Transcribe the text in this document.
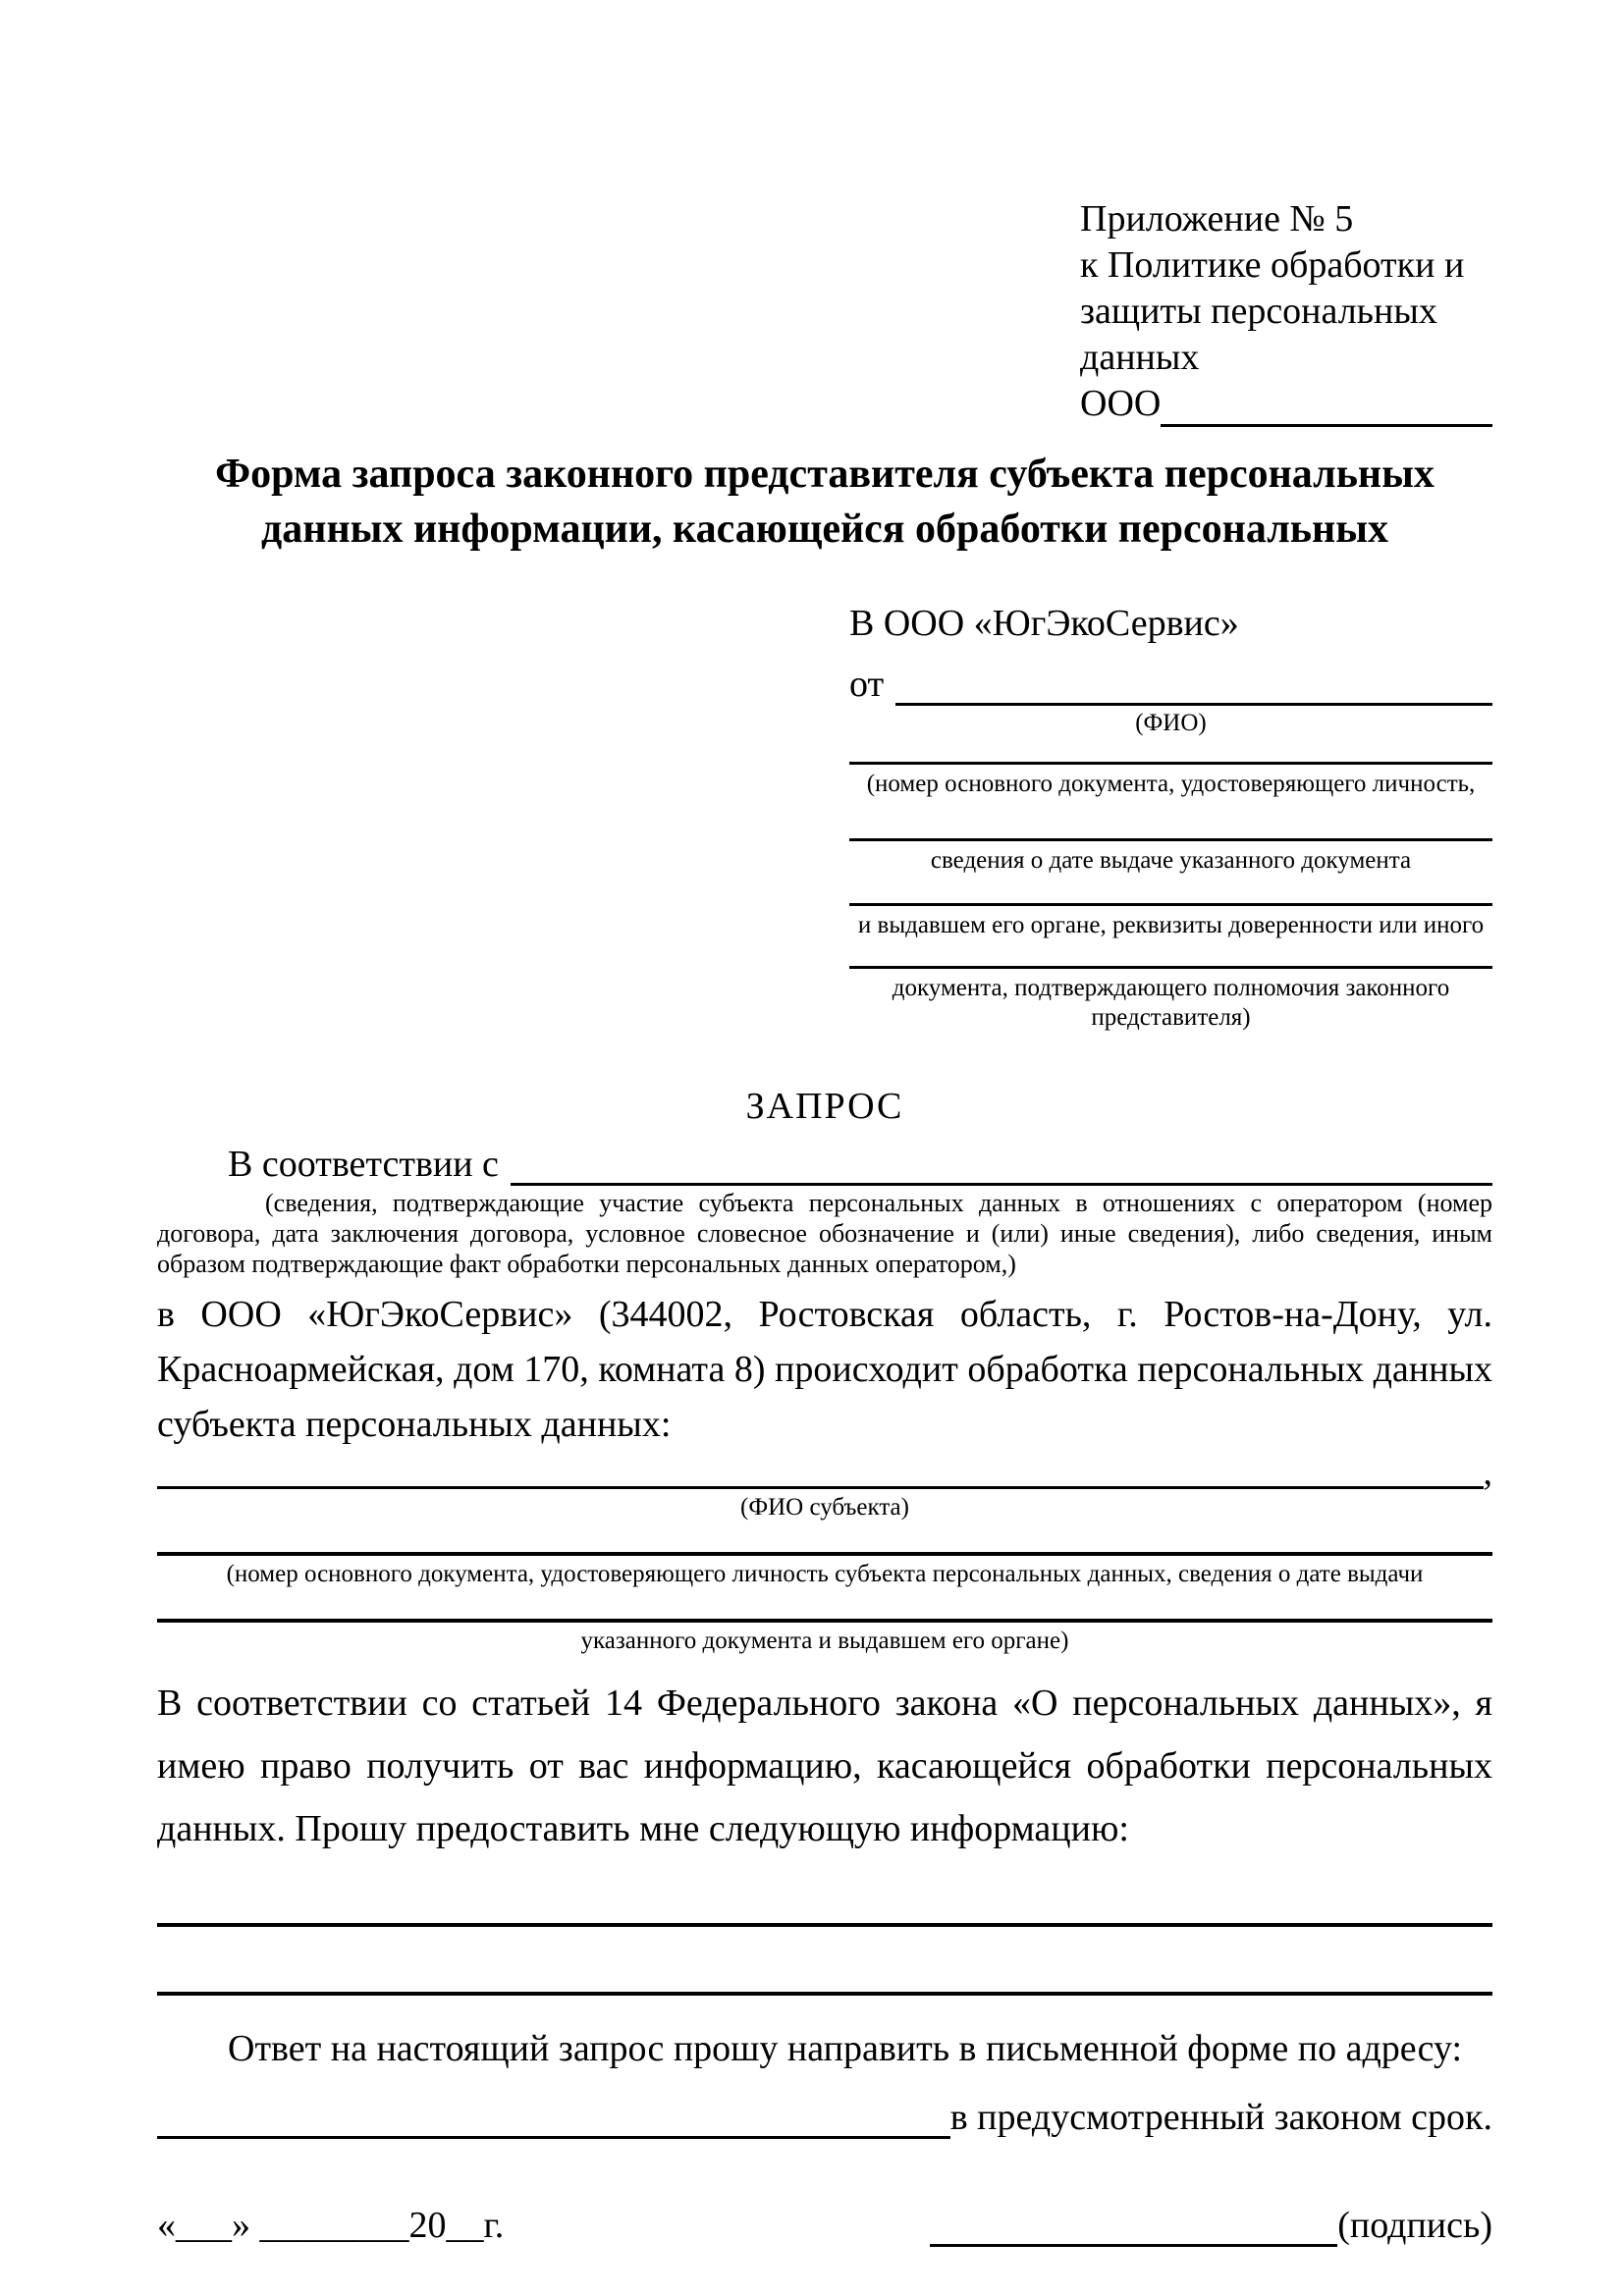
Приложение № 5
к Политике обработки и
защиты персональных данных
ООО
Форма запроса законного представителя субъекта персональных
данных информации, касающейся обработки персональных
В ООО «ЮгЭкоСервис»
от
(ФИО)
(номер основного документа, удостоверяющего личность,
сведения о дате выдаче указанного документа
и выдавшем его органе, реквизиты доверенности или иного
документа, подтверждающего полномочия законного представителя)
ЗАПРОС
В соответствии с

(сведения, подтверждающие участие субъекта персональных данных в отношениях с оператором (номер договора, дата заключения договора, условное словесное обозначение и (или) иные сведения), либо сведения, иным образом подтверждающие факт обработки персональных данных оператором,)

в ООО «ЮгЭкоСервис» (344002, Ростовская область, г. Ростов-на-Дону, ул. Красноармейская, дом 170, комната 8) происходит обработка персональных данных субъекта персональных данных:

,
(ФИО субъекта)
(номер основного документа, удостоверяющего личность субъекта персональных данных, сведения о дате выдачи
указанного документа и выдавшем его органе)

В соответствии со статьей 14 Федерального закона «О персональных данных», я имею право получить от вас информацию, касающейся обработки персональных данных. Прошу предоставить мне следующую информацию:

Ответ на настоящий запрос прошу направить в письменной форме по адресу:

в предусмотренный законом срок.
«___» ________20__г.	(подпись)
